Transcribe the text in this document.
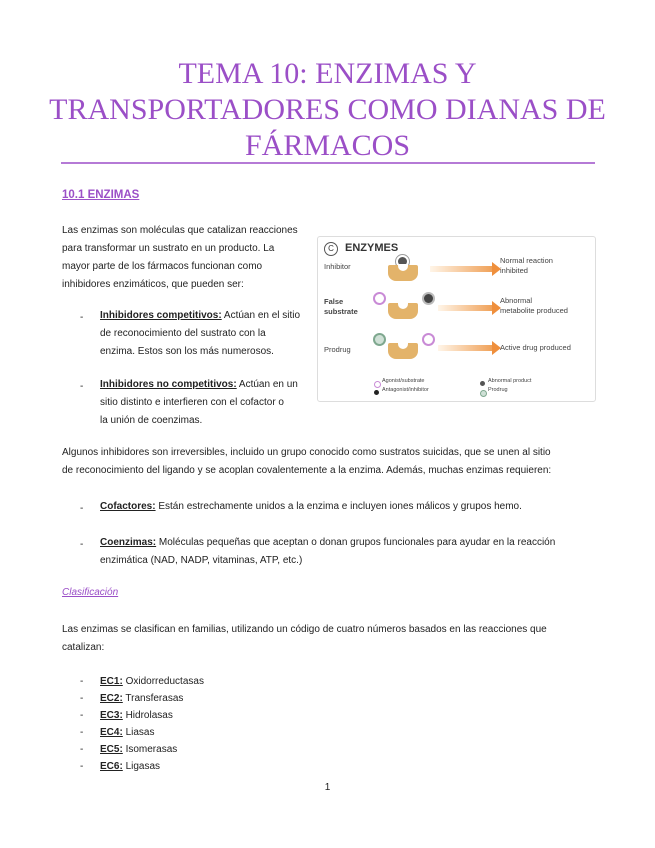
TEMA 10: ENZIMAS Y
TRANSPORTADORES COMO DIANAS DE
FÁRMACOS
10.1 ENZIMAS
Las enzimas son moléculas que catalizan reacciones
para transformar un sustrato en un producto. La
mayor parte de los fármacos funcionan como
inhibidores enzimáticos, que pueden ser:
- Inhibidores competitivos: Actúan en el sitio
de reconocimiento del sustrato con la
enzima. Estos son los más numerosos.
- Inhibidores no competitivos: Actúan en un
sitio distinto e interfieren con el cofactor o
la unión de coenzimas.
C	ENZYMES
Inhibitor
Normal reaction
inhibited
False
substrate
Abnormal
metabolite produced
Prodrug	Active drug produced
Agonist/substrate	Abnormal product
Antagonist/inhibitor	Prodrug
Algunos inhibidores son irreversibles, incluido un grupo conocido como sustratos suicidas, que se unen al sitio
de reconocimiento del ligando y se acoplan covalentemente a la enzima. Además, muchas enzimas requieren:
- Cofactores: Están estrechamente unidos a la enzima e incluyen iones málicos y grupos hemo.
- Coenzimas: Moléculas pequeñas que aceptan o donan grupos funcionales para ayudar en la reacción
enzimática (NAD, NADP, vitaminas, ATP, etc.)
Clasificación
Las enzimas se clasifican en familias, utilizando un código de cuatro números basados en las reacciones que
catalizan:
- EC1: Oxidorreductasas
- EC2: Transferasas
- EC3: Hidrolasas
- EC4: Liasas
- EC5: Isomerasas
- EC6: Ligasas
1
